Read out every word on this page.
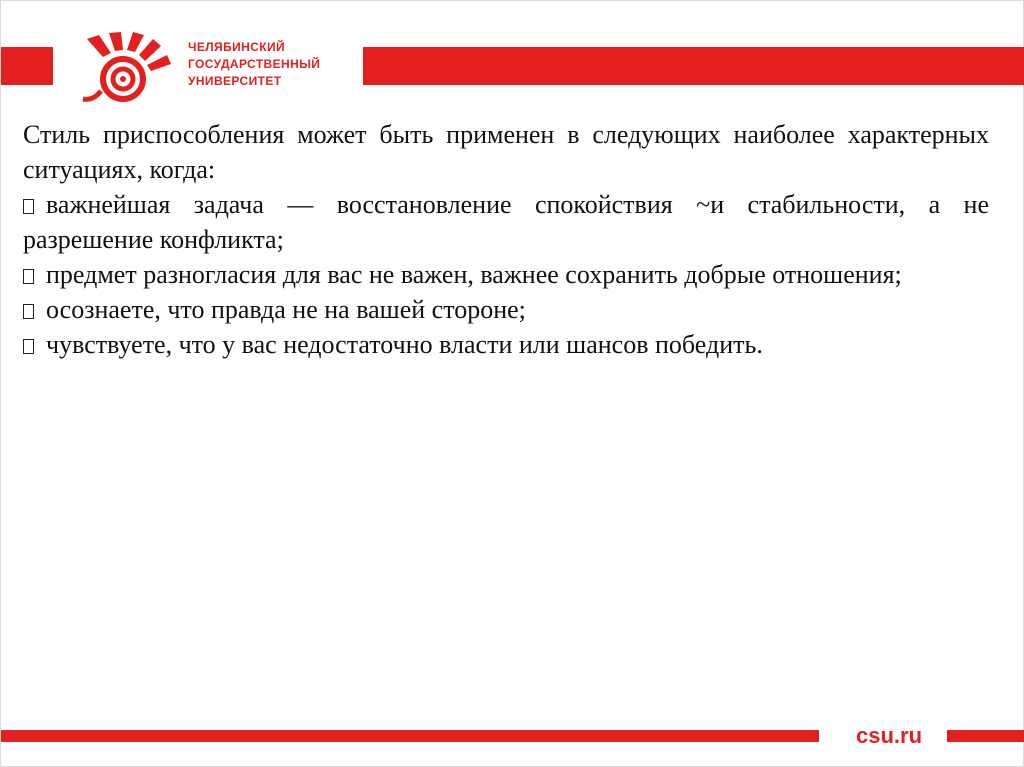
ЧЕЛЯБИНСКИЙ
ГОСУДАРСТВЕННЫЙ
УНИВЕРСИТЕТ

Стиль приспособления может быть применен в следующих наиболее характерных ситуациях, когда:

важнейшая задача — восстановление спокойствия ~и стабильности, а не разрешение конфликта;

предмет разногласия для вас не важен, важнее сохранить добрые отношения;

осознаете, что правда не на вашей стороне;

чувствуете, что у вас недостаточно власти или шансов победить.

csu.ru
